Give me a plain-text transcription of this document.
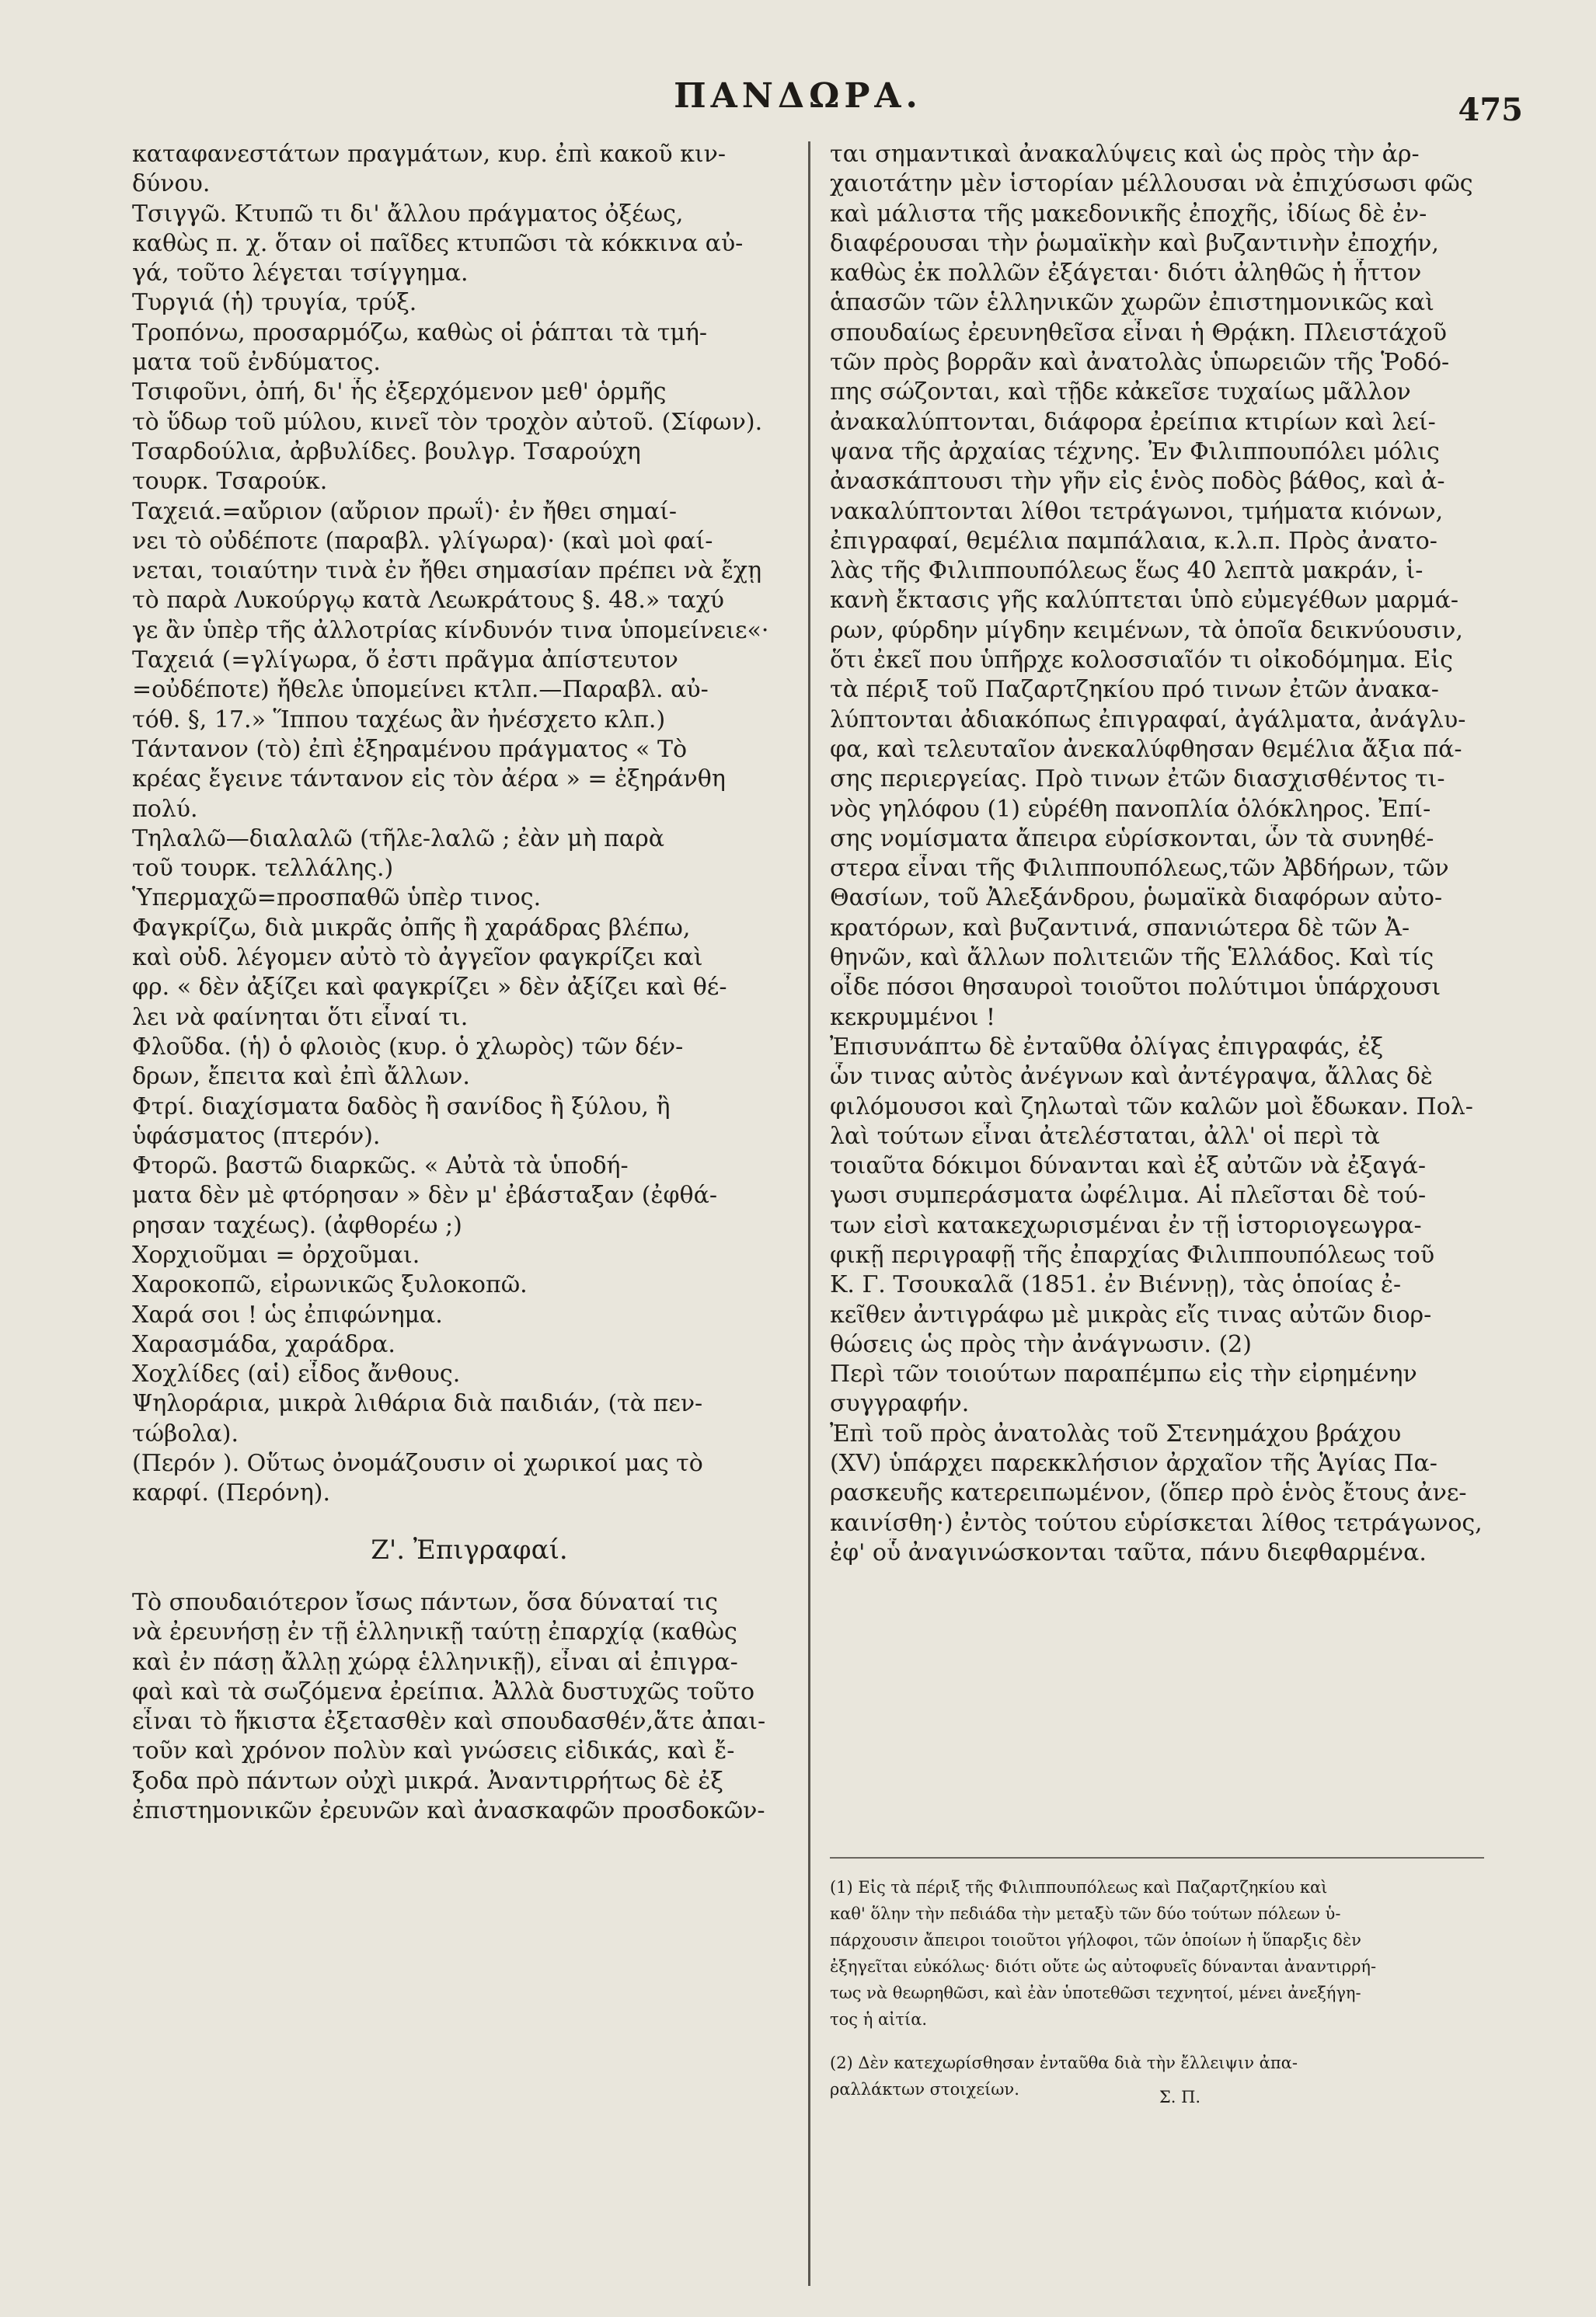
ΠΑΝΔΩΡΑ.	475
καταφανεστάτων πραγμάτων, κυρ. ἐπὶ κακοῦ κιν-
δύνου.
Τσιγγῶ. Κτυπῶ τι δι' ἄλλου πράγματος ὀξέως,
καθὼς π. χ. ὅταν οἱ παῖδες κτυπῶσι τὰ κόκκινα αὐ-
γά, τοῦτο λέγεται τσίγγημα.
Τυργιά (ἡ) τρυγία, τρύξ.
Τροπόνω, προσαρμόζω, καθὼς οἱ ῥάπται τὰ τμή-
ματα τοῦ ἐνδύματος.
Τσιφοῦνι, ὀπή, δι' ἧς ἐξερχόμενον μεθ' ὁρμῆς
τὸ ὕδωρ τοῦ μύλου, κινεῖ τὸν τροχὸν αὐτοῦ. (Σίφων).
Τσαρδούλια, ἀρβυλίδες. βουλγρ. Τσαρούχη
τουρκ. Τσαρούκ.
Ταχειά.=αὔριον (αὔριον πρωΐ)· ἐν ἤθει σημαί-
νει τὸ οὐδέποτε (παραβλ. γλίγωρα)· (καὶ μοὶ φαί-
νεται, τοιαύτην τινὰ ἐν ἤθει σημασίαν πρέπει νὰ ἔχῃ
τὸ παρὰ Λυκούργῳ κατὰ Λεωκράτους §. 48.» ταχύ
γε ἂν ὑπὲρ τῆς ἀλλοτρίας κίνδυνόν τινα ὑπομείνειε«·
Ταχειά (=γλίγωρα, ὅ ἐστι πρᾶγμα ἀπίστευτον
=οὐδέποτε) ἤθελε ὑπομείνει κτλπ.—Παραβλ. αὐ-
τόθ. §, 17.» Ἵππου ταχέως ἂν ἠνέσχετο κλπ.)
Τάντανον (τὸ) ἐπὶ ἐξηραμένου πράγματος « Τὸ
κρέας ἔγεινε τάντανον εἰς τὸν ἀέρα » = ἐξηράνθη
πολύ.
Τηλαλῶ—διαλαλῶ (τῆλε-λαλῶ ; ἐὰν μὴ παρὰ
τοῦ τουρκ. τελλάλης.)
Ὑπερμαχῶ=προσπαθῶ ὑπὲρ τινος.
Φαγκρίζω, διὰ μικρᾶς ὀπῆς ἢ χαράδρας βλέπω,
καὶ οὐδ. λέγομεν αὐτὸ τὸ ἀγγεῖον φαγκρίζει καὶ
φρ. « δὲν ἀξίζει καὶ φαγκρίζει » δὲν ἀξίζει καὶ θέ-
λει νὰ φαίνηται ὅτι εἶναί τι.
Φλοῦδα. (ἡ) ὁ φλοιὸς (κυρ. ὁ χλωρὸς) τῶν δέν-
δρων, ἔπειτα καὶ ἐπὶ ἄλλων.
Φτρί. διαχίσματα δαδὸς ἢ σανίδος ἢ ξύλου, ἢ
ὑφάσματος (πτερόν).
Φτορῶ. βαστῶ διαρκῶς. « Αὐτὰ τὰ ὑποδή-
ματα δὲν μὲ φτόρησαν » δὲν μ' ἐβάσταξαν (ἐφθά-
ρησαν ταχέως). (ἀφθορέω ;)
Χορχιοῦμαι = ὀρχοῦμαι.
Χαροκοπῶ, εἰρωνικῶς ξυλοκοπῶ.
Χαρά σοι ! ὡς ἐπιφώνημα.
Χαρασμάδα, χαράδρα.
Χοχλίδες (αἱ) εἶδος ἄνθους.
Ψηλοράρια, μικρὰ λιθάρια διὰ παιδιάν, (τὰ πεν-
τώβολα).
(Περόν ). Οὕτως ὀνομάζουσιν οἱ χωρικοί μας τὸ
καρφί. (Περόνη).
Ζ'. Ἐπιγραφαί.
Τὸ σπουδαιότερον ἴσως πάντων, ὅσα δύναταί τις
νὰ ἐρευνήσῃ ἐν τῇ ἑλληνικῇ ταύτῃ ἐπαρχίᾳ (καθὼς
καὶ ἐν πάσῃ ἄλλῃ χώρᾳ ἑλληνικῇ), εἶναι αἱ ἐπιγρα-
φαὶ καὶ τὰ σωζόμενα ἐρείπια. Ἀλλὰ δυστυχῶς τοῦτο
εἶναι τὸ ἥκιστα ἐξετασθὲν καὶ σπουδασθέν,ἅτε ἀπαι-
τοῦν καὶ χρόνον πολὺν καὶ γνώσεις εἰδικάς, καὶ ἔ-
ξοδα πρὸ πάντων οὐχὶ μικρά. Ἀναντιρρήτως δὲ ἐξ
ἐπιστημονικῶν ἐρευνῶν καὶ ἀνασκαφῶν προσδοκῶν-
ται σημαντικαὶ ἀνακαλύψεις καὶ ὡς πρὸς τὴν ἀρ-
χαιοτάτην μὲν ἱστορίαν μέλλουσαι νὰ ἐπιχύσωσι φῶς
καὶ μάλιστα τῆς μακεδονικῆς ἐποχῆς, ἰδίως δὲ ἐν-
διαφέρουσαι τὴν ῥωμαϊκὴν καὶ βυζαντινὴν ἐποχήν,
καθὼς ἐκ πολλῶν ἐξάγεται· διότι ἀληθῶς ἡ ἧττον
ἁπασῶν τῶν ἑλληνικῶν χωρῶν ἐπιστημονικῶς καὶ
σπουδαίως ἐρευνηθεῖσα εἶναι ἡ Θρᾴκη. Πλειστάχοῦ
τῶν πρὸς βορρᾶν καὶ ἀνατολὰς ὑπωρειῶν τῆς Ῥοδό-
πης σώζονται, καὶ τῇδε κἀκεῖσε τυχαίως μᾶλλον
ἀνακαλύπτονται, διάφορα ἐρείπια κτιρίων καὶ λεί-
ψανα τῆς ἀρχαίας τέχνης. Ἐν Φιλιππουπόλει μόλις
ἀνασκάπτουσι τὴν γῆν εἰς ἑνὸς ποδὸς βάθος, καὶ ἀ-
νακαλύπτονται λίθοι τετράγωνοι, τμήματα κιόνων,
ἐπιγραφαί, θεμέλια παμπάλαια, κ.λ.π. Πρὸς ἀνατο-
λὰς τῆς Φιλιππουπόλεως ἕως 40 λεπτὰ μακράν, ἱ-
κανὴ ἔκτασις γῆς καλύπτεται ὑπὸ εὐμεγέθων μαρμά-
ρων, φύρδην μίγδην κειμένων, τὰ ὁποῖα δεικνύουσιν,
ὅτι ἐκεῖ που ὑπῆρχε κολοσσιαῖόν τι οἰκοδόμημα. Εἰς
τὰ πέριξ τοῦ Παζαρτζηκίου πρό τινων ἐτῶν ἀνακα-
λύπτονται ἀδιακόπως ἐπιγραφαί, ἀγάλματα, ἀνάγλυ-
φα, καὶ τελευταῖον ἀνεκαλύφθησαν θεμέλια ἄξια πά-
σης περιεργείας. Πρὸ τινων ἐτῶν διασχισθέντος τι-
νὸς γηλόφου (1) εὑρέθη πανοπλία ὁλόκληρος. Ἐπί-
σης νομίσματα ἄπειρα εὑρίσκονται, ὧν τὰ συνηθέ-
στερα εἶναι τῆς Φιλιππουπόλεως,τῶν Ἀβδήρων, τῶν
Θασίων, τοῦ Ἀλεξάνδρου, ῥωμαϊκὰ διαφόρων αὐτο-
κρατόρων, καὶ βυζαντινά, σπανιώτερα δὲ τῶν Ἀ-
θηνῶν, καὶ ἄλλων πολιτειῶν τῆς Ἑλλάδος. Καὶ τίς
οἶδε πόσοι θησαυροὶ τοιοῦτοι πολύτιμοι ὑπάρχουσι
κεκρυμμένοι !
Ἐπισυνάπτω δὲ ἐνταῦθα ὀλίγας ἐπιγραφάς, ἐξ
ὧν τινας αὐτὸς ἀνέγνων καὶ ἀντέγραψα, ἄλλας δὲ
φιλόμουσοι καὶ ζηλωταὶ τῶν καλῶν μοὶ ἔδωκαν. Πολ-
λαὶ τούτων εἶναι ἀτελέσταται, ἀλλ' οἱ περὶ τὰ
τοιαῦτα δόκιμοι δύνανται καὶ ἐξ αὐτῶν νὰ ἐξαγά-
γωσι συμπεράσματα ὠφέλιμα. Αἱ πλεῖσται δὲ τού-
των εἰσὶ κατακεχωρισμέναι ἐν τῇ ἱστοριογεωγρα-
φικῇ περιγραφῇ τῆς ἐπαρχίας Φιλιππουπόλεως τοῦ
Κ. Γ. Τσουκαλᾶ (1851. ἐν Βιέννῃ), τὰς ὁποίας ἐ-
κεῖθεν ἀντιγράφω μὲ μικρὰς εἴς τινας αὐτῶν διορ-
θώσεις ὡς πρὸς τὴν ἀνάγνωσιν. (2)
Περὶ τῶν τοιούτων παραπέμπω εἰς τὴν εἰρημένην
συγγραφήν.
Ἐπὶ τοῦ πρὸς ἀνατολὰς τοῦ Στενημάχου βράχου
(XV) ὑπάρχει παρεκκλήσιον ἀρχαῖον τῆς Ἁγίας Πα-
ρασκευῆς κατερειπωμένον, (ὅπερ πρὸ ἑνὸς ἔτους ἀνε-
καινίσθη·) ἐντὸς τούτου εὑρίσκεται λίθος τετράγωνος,
ἐφ' οὗ ἀναγινώσκονται ταῦτα, πάνυ διεφθαρμένα.
(1) Εἰς τὰ πέριξ τῆς Φιλιππουπόλεως καὶ Παζαρτζηκίου καὶ
καθ' ὅλην τὴν πεδιάδα τὴν μεταξὺ τῶν δύο τούτων πόλεων ὑ-
πάρχουσιν ἄπειροι τοιοῦτοι γήλοφοι, τῶν ὁποίων ἡ ὕπαρξις δὲν
ἐξηγεῖται εὐκόλως· διότι οὔτε ὡς αὐτοφυεῖς δύνανται ἀναντιρρή-
τως νὰ θεωρηθῶσι, καὶ ἐὰν ὑποτεθῶσι τεχνητοί, μένει ἀνεξήγη-
τος ἡ αἰτία.
(2) Δὲν κατεχωρίσθησαν ἐνταῦθα διὰ τὴν ἔλλειψιν ἀπα-
ραλλάκτων στοιχείων.	Σ. Π.
